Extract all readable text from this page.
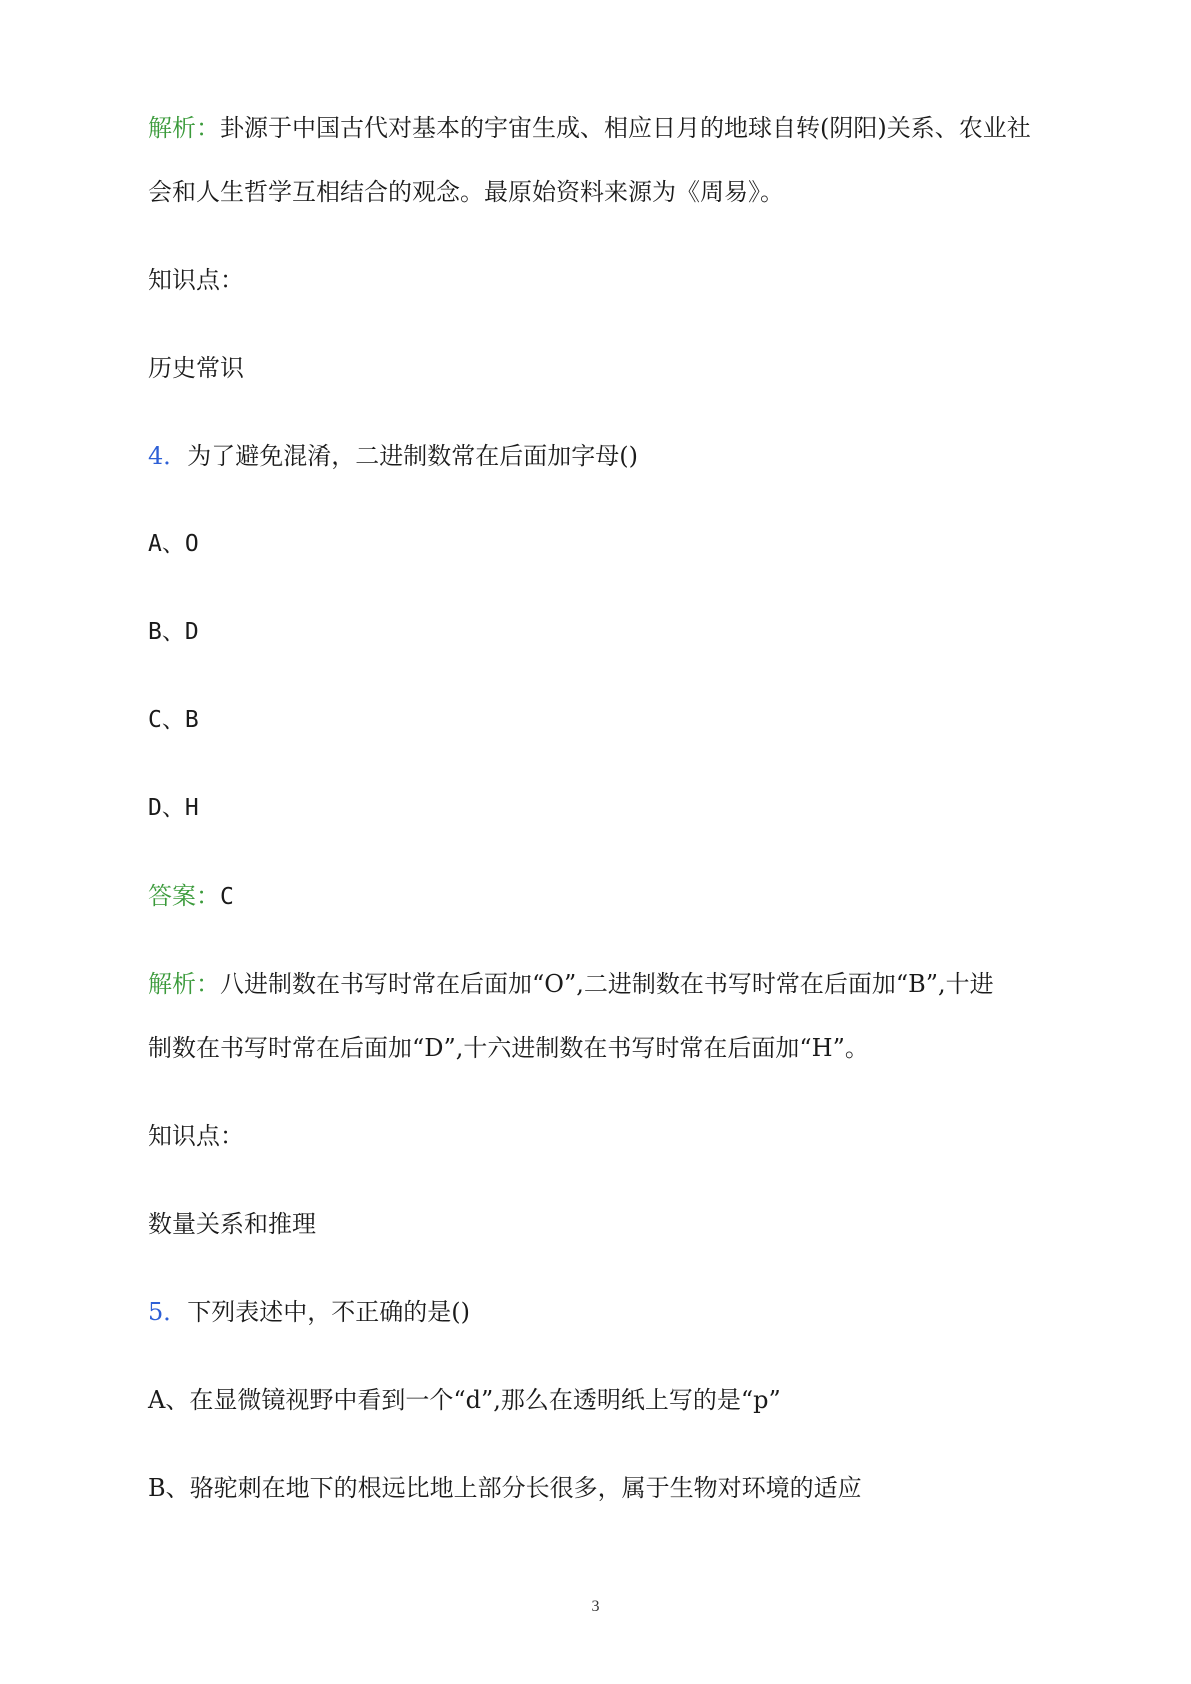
解析：卦源于中国古代对基本的宇宙生成、相应日月的地球自转(阴阳)关系、农业社
会和人生哲学互相结合的观念。最原始资料来源为《周易》。
知识点：
历史常识
4．为了避免混淆，二进制数常在后面加字母()
A、O
B、D
C、B
D、H
答案：C
解析：八进制数在书写时常在后面加“O”,二进制数在书写时常在后面加“B”,十进
制数在书写时常在后面加“D”,十六进制数在书写时常在后面加“H”。
知识点：
数量关系和推理
5．下列表述中，不正确的是()
A、在显微镜视野中看到一个“d”,那么在透明纸上写的是“p”
B、骆驼刺在地下的根远比地上部分长很多，属于生物对环境的适应
3
